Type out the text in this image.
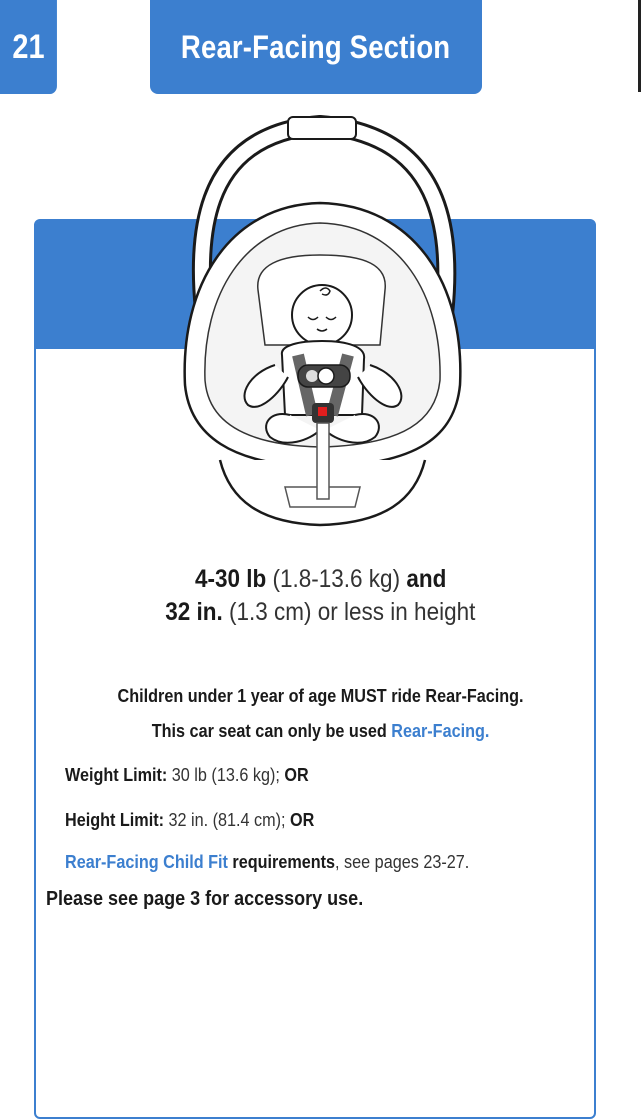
21	Rear-Facing Section
4-30 lb (1.8-13.6 kg) and
32 in. (1.3 cm) or less in height
Children under 1 year of age MUST ride Rear-Facing.
This car seat can only be used Rear-Facing.
Weight Limit: 30 lb (13.6 kg); OR
Height Limit: 32 in. (81.4 cm); OR
Rear-Facing Child Fit requirements, see pages 23-27.
Please see page 3 for accessory use.
